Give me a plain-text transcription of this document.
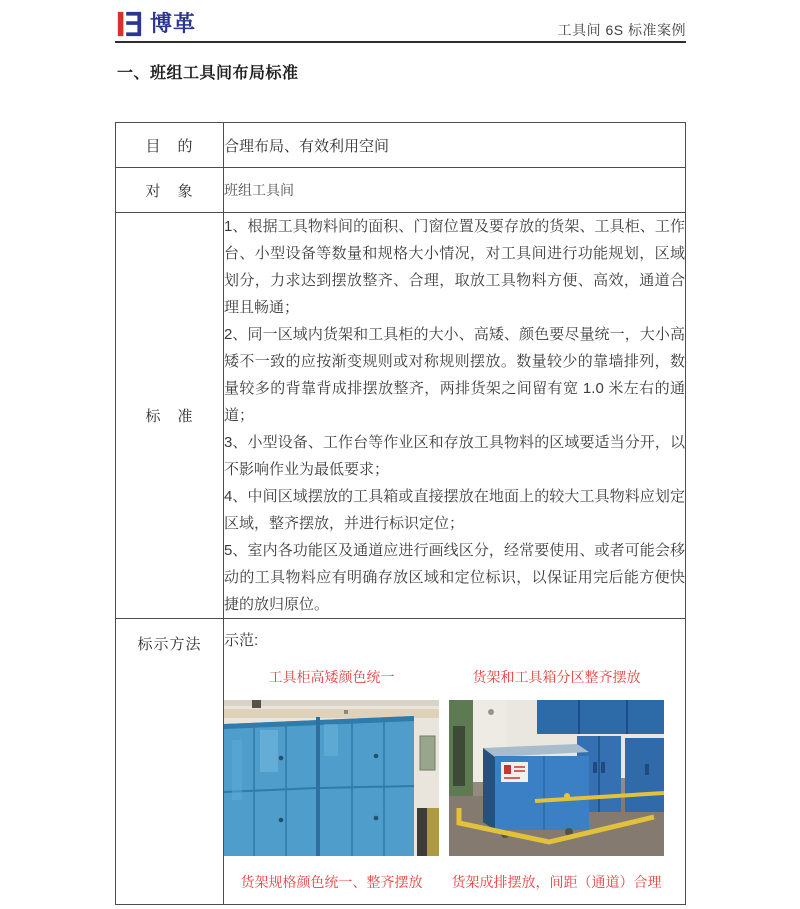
博革	工具间 6S 标准案例
一、班组工具间布局标准
目　的	合理布局、有效利用空间
对　象	班组工具间
标　准	1、根据工具物料间的面积、门窗位置及要存放的货架、工具柜、工作台、小型设备等数量和规格大小情况，对工具间进行功能规划，区域划分，力求达到摆放整齐、合理，取放工具物料方便、高效，通道合理且畅通；

2、同一区域内货架和工具柜的大小、高矮、颜色要尽量统一，大小高矮不一致的应按渐变规则或对称规则摆放。数量较少的靠墙排列，数量较多的背靠背成排摆放整齐，两排货架之间留有宽 1.0 米左右的通道；

3、小型设备、工作台等作业区和存放工具物料的区域要适当分开，以不影响作业为最低要求；

4、中间区域摆放的工具箱或直接摆放在地面上的较大工具物料应划定区域，整齐摆放，并进行标识定位；

5、室内各功能区及通道应进行画线区分，经常要使用、或者可能会移动的工具物料应有明确存放区域和定位标识，以保证用完后能方便快捷的放归原位。

标示方法	示范:
工具柜高矮颜色统一
货架规格颜色统一、整齐摆放
货架和工具箱分区整齐摆放
货架成排摆放，间距（通道）合理
